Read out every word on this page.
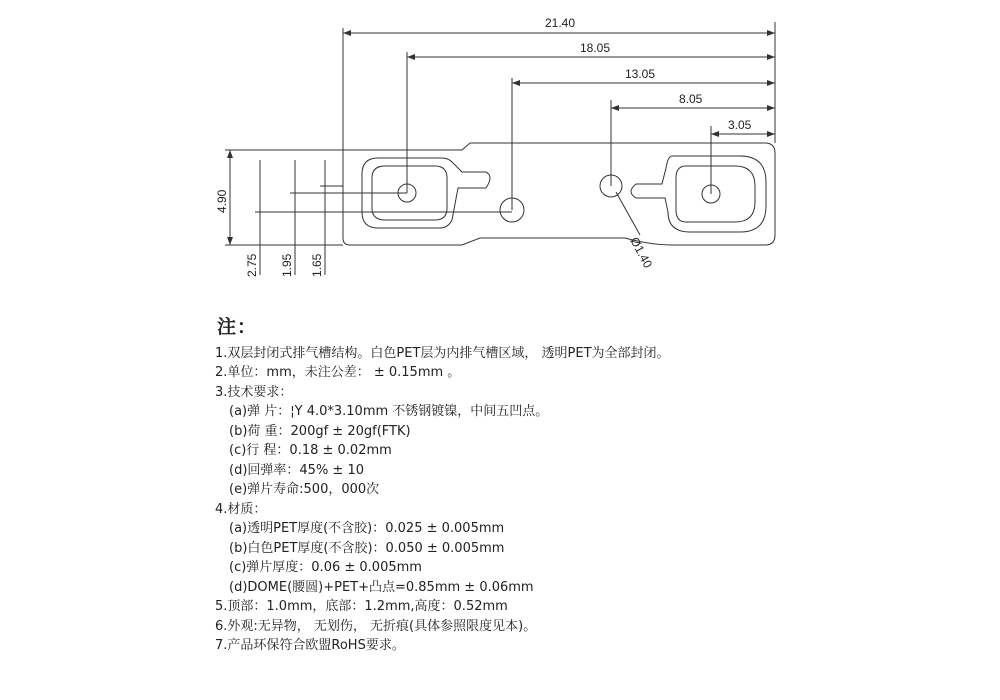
21.40
18.05
13.05
8.05
3.05
4.90
2.75 1.95 1.65	Ø1.40
注：
1.双层封闭式排气槽结构。白色PET层为内排气槽区域， 透明PET为全部封闭。
2.单位：mm，未注公差： ± 0.15mm 。
3.技术要求：
(a)弹 片：¦Y 4.0*3.10mm 不锈钢镀镍，中间五凹点。
(b)荷 重：200gf ± 20gf(FTK)
(c)行 程：0.18 ± 0.02mm
(d)回弹率：45% ± 10
(e)弹片寿命:500，000次
4.材质：
(a)透明PET厚度(不含胶)：0.025 ± 0.005mm
(b)白色PET厚度(不含胶)：0.050 ± 0.005mm
(c)弹片厚度：0.06 ± 0.005mm
(d)DOME(腰圆)+PET+凸点=0.85mm ± 0.06mm
5.顶部：1.0mm，底部：1.2mm,高度：0.52mm
6.外观:无异物， 无划伤， 无折痕(具体参照限度见本)。
7.产品环保符合欧盟RoHS要求。
